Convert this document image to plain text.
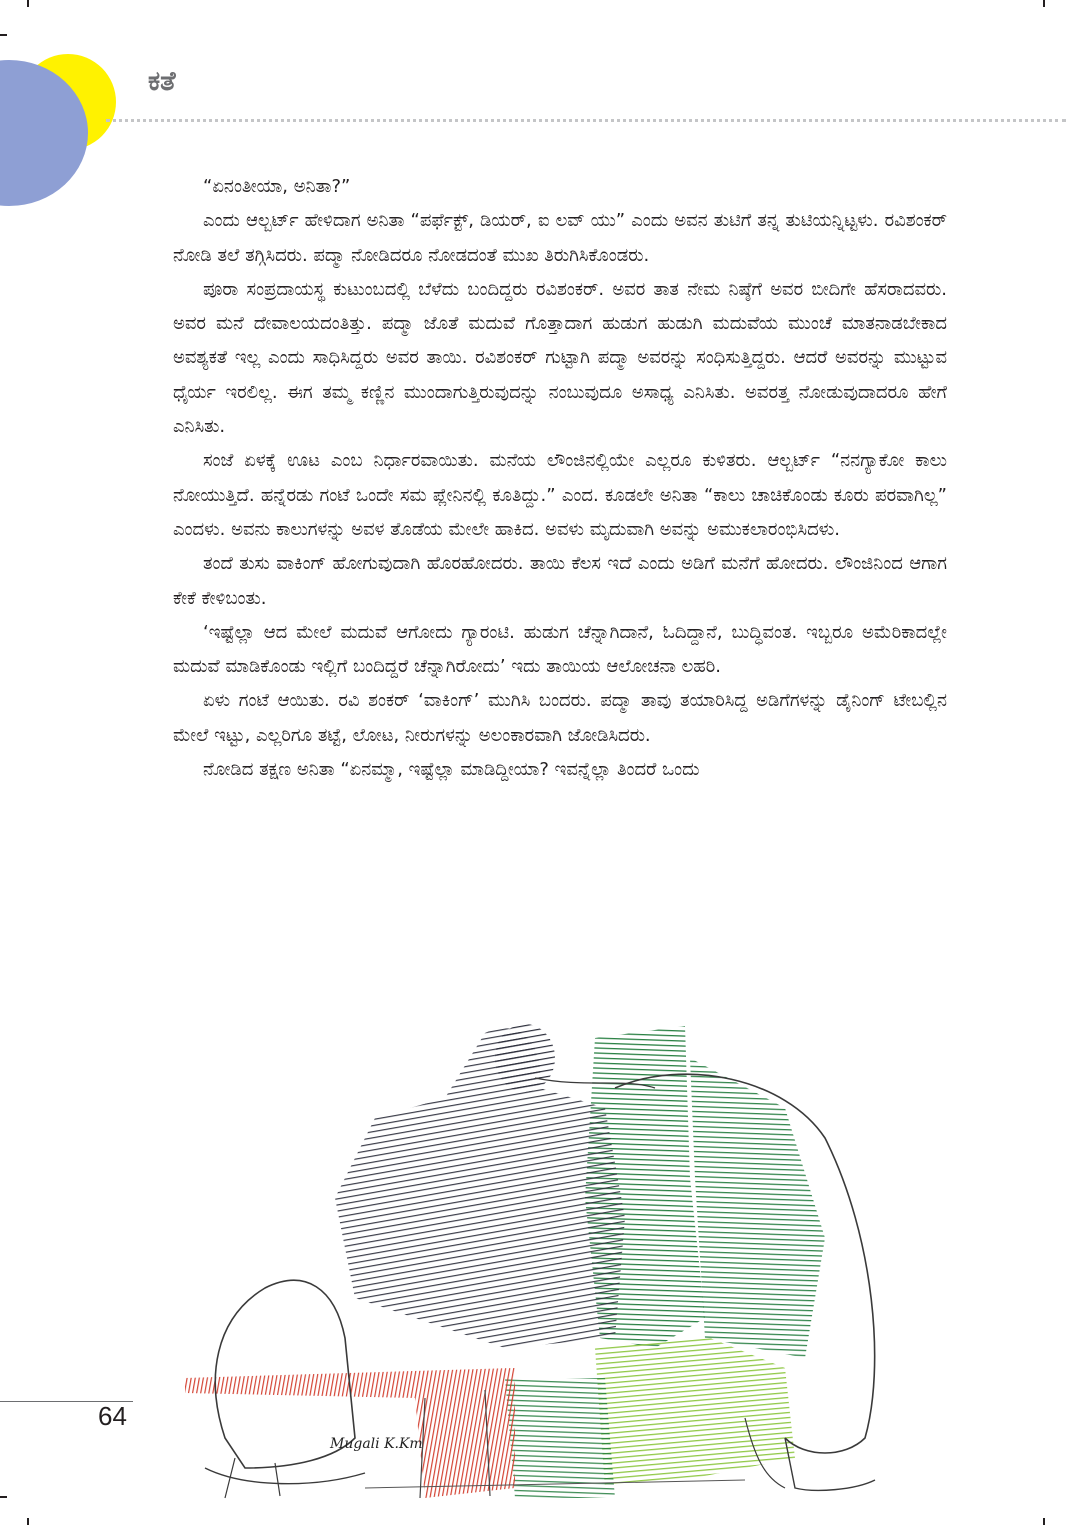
ಕತೆ

“ಏನಂತೀಯಾ, ಅನಿತಾ?”

ಎಂದು ಆಲ್ಬರ್ಟ್ ಹೇಳಿದಾಗ ಅನಿತಾ “ಪರ್ಫೆಕ್ಟ್, ಡಿಯರ್, ಐ ಲವ್ ಯು” ಎಂದು ಅವನ ತುಟಿಗೆ ತನ್ನ ತುಟಿಯನ್ನಿಟ್ಟಳು. ರವಿಶಂಕರ್ ನೋಡಿ ತಲೆ ತಗ್ಗಿಸಿದರು. ಪದ್ಮಾ ನೋಡಿದರೂ ನೋಡದಂತೆ ಮುಖ ತಿರುಗಿಸಿಕೊಂಡರು.

ಪೂರಾ ಸಂಪ್ರದಾಯಸ್ಥ ಕುಟುಂಬದಲ್ಲಿ ಬೆಳೆದು ಬಂದಿದ್ದರು ರವಿಶಂಕರ್. ಅವರ ತಾತ ನೇಮ ನಿಷ್ಠೆಗೆ ಅವರ ಬೀದಿಗೇ ಹೆಸರಾದವರು. ಅವರ ಮನೆ ದೇವಾಲಯದಂತಿತ್ತು. ಪದ್ಮಾ ಜೊತೆ ಮದುವೆ ಗೊತ್ತಾದಾಗ ಹುಡುಗ ಹುಡುಗಿ ಮದುವೆಯ ಮುಂಚೆ ಮಾತನಾಡಬೇಕಾದ ಅವಶ್ಯಕತೆ ಇಲ್ಲ ಎಂದು ಸಾಧಿಸಿದ್ದರು ಅವರ ತಾಯಿ. ರವಿಶಂಕರ್ ಗುಟ್ಟಾಗಿ ಪದ್ಮಾ ಅವರನ್ನು ಸಂಧಿಸುತ್ತಿದ್ದರು. ಆದರೆ ಅವರನ್ನು ಮುಟ್ಟುವ ಧೈರ್ಯ ಇರಲಿಲ್ಲ. ಈಗ ತಮ್ಮ ಕಣ್ಣಿನ ಮುಂದಾಗುತ್ತಿರುವುದನ್ನು ನಂಬುವುದೂ ಅಸಾಧ್ಯ ಎನಿಸಿತು. ಅವರತ್ತ ನೋಡುವುದಾದರೂ ಹೇಗೆ ಎನಿಸಿತು.

ಸಂಜೆ ಏಳಕ್ಕೆ ಊಟ ಎಂಬ ನಿರ್ಧಾರವಾಯಿತು. ಮನೆಯ ಲೌಂಜಿನಲ್ಲಿಯೇ ಎಲ್ಲರೂ ಕುಳಿತರು. ಆಲ್ಬರ್ಟ್ “ನನಗ್ಯಾಕೋ ಕಾಲು ನೋಯುತ್ತಿದೆ. ಹನ್ನೆರಡು ಗಂಟೆ ಒಂದೇ ಸಮ ಪ್ಲೇನಿನಲ್ಲಿ ಕೂತಿದ್ದು.” ಎಂದ. ಕೂಡಲೇ ಅನಿತಾ “ಕಾಲು ಚಾಚಿಕೊಂಡು ಕೂರು ಪರವಾಗಿಲ್ಲ” ಎಂದಳು. ಅವನು ಕಾಲುಗಳನ್ನು ಅವಳ ತೊಡೆಯ ಮೇಲೇ ಹಾಕಿದ. ಅವಳು ಮೃದುವಾಗಿ ಅವನ್ನು ಅಮುಕಲಾರಂಭಿಸಿದಳು.

ತಂದೆ ತುಸು ವಾಕಿಂಗ್ ಹೋಗುವುದಾಗಿ ಹೊರಹೋದರು. ತಾಯಿ ಕೆಲಸ ಇದೆ ಎಂದು ಅಡಿಗೆ ಮನೆಗೆ ಹೋದರು. ಲೌಂಜಿನಿಂದ ಆಗಾಗ ಕೇಕೆ ಕೇಳಿಬಂತು.

‘ಇಷ್ಟೆಲ್ಲಾ ಆದ ಮೇಲೆ ಮದುವೆ ಆಗೋದು ಗ್ಯಾರಂಟಿ. ಹುಡುಗ ಚೆನ್ನಾಗಿದಾನೆ, ಓದಿದ್ದಾನೆ, ಬುದ್ಧಿವಂತ. ಇಬ್ಬರೂ ಅಮೆರಿಕಾದಲ್ಲೇ ಮದುವೆ ಮಾಡಿಕೊಂಡು ಇಲ್ಲಿಗೆ ಬಂದಿದ್ದರೆ ಚೆನ್ನಾಗಿರೋದು’ ಇದು ತಾಯಿಯ ಆಲೋಚನಾ ಲಹರಿ.

ಏಳು ಗಂಟೆ ಆಯಿತು. ರವಿ ಶಂಕರ್ ‘ವಾಕಿಂಗ್’ ಮುಗಿಸಿ ಬಂದರು. ಪದ್ಮಾ ತಾವು ತಯಾರಿಸಿದ್ದ ಅಡಿಗೆಗಳನ್ನು ಡೈನಿಂಗ್ ಟೇಬಲ್ಲಿನ ಮೇಲೆ ಇಟ್ಟು, ಎಲ್ಲರಿಗೂ ತಟ್ಟೆ, ಲೋಟ, ನೀರುಗಳನ್ನು ಅಲಂಕಾರವಾಗಿ ಜೋಡಿಸಿದರು.

ನೋಡಿದ ತಕ್ಷಣ ಅನಿತಾ “ಏನಮ್ಮಾ, ಇಷ್ಟೆಲ್ಲಾ ಮಾಡಿದ್ದೀಯಾ? ಇವನ್ನೆಲ್ಲಾ ತಿಂದರೆ ಒಂದು

64

Mugali K.Km
